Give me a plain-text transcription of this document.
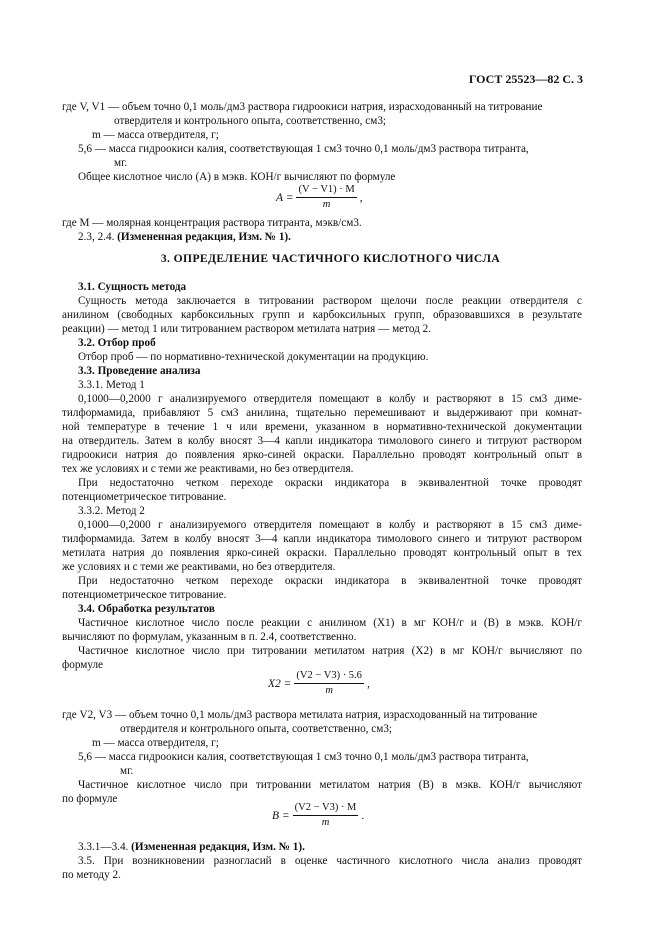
ГОСТ 25523—82 С. 3
где V, V1 — объем точно 0,1 моль/дм3 раствора гидроокиси натрия, израсходованный на титрование
отвердителя и контрольного опыта, соответственно, см3;
m — масса отвердителя, г;
5,6 — масса гидроокиси калия, соответствующая 1 см3 точно 0,1 моль/дм3 раствора титранта,
мг.
Общее кислотное число (А) в мэкв. КОН/г вычисляют по формуле
$A = \frac{(V - V1) \cdot M}{m}$ ,
где М — молярная концентрация раствора титранта, мэкв/см3.
2.3, 2.4. (Измененная редакция, Изм. № 1).
3. ОПРЕДЕЛЕНИЕ ЧАСТИЧНОГО КИСЛОТНОГО ЧИСЛА
3.1. Сущность метода
Сущность метода заключается в титровании раствором щелочи после реакции отвердителя с
анилином (свободных карбоксильных групп и карбоксильных групп, образовавшихся в результате
реакции) — метод 1 или титрованием раствором метилата натрия — метод 2.
3.2. Отбор проб
Отбор проб — по нормативно-технической документации на продукцию.
3.3. Проведение анализа
3.3.1. Метод 1
0,1000—0,2000 г анализируемого отвердителя помещают в колбу и растворяют в 15 см3 диме-
тилформамида, прибавляют 5 см3 анилина, тщательно перемешивают и выдерживают при комнат-
ной температуре в течение 1 ч или времени, указанном в нормативно-технической документации
на отвердитель. Затем в колбу вносят 3—4 капли индикатора тимолового синего и титруют раствором
гидроокиси натрия до появления ярко-синей окраски. Параллельно проводят контрольный опыт в
тех же условиях и с теми же реактивами, но без отвердителя.
При недостаточно четком переходе окраски индикатора в эквивалентной точке проводят
потенциометрическое титрование.
3.3.2. Метод 2
0,1000—0,2000 г анализируемого отвердителя помещают в колбу и растворяют в 15 см3 диме-
тилформамида. Затем в колбу вносят 3—4 капли индикатора тимолового синего и титруют раствором
метилата натрия до появления ярко-синей окраски. Параллельно проводят контрольный опыт в тех
же условиях и с теми же реактивами, но без отвердителя.
При недостаточно четком переходе окраски индикатора в эквивалентной точке проводят
потенциометрическое титрование.
3.4. Обработка результатов
Частичное кислотное число после реакции с анилином (X1) в мг КОН/г и (В) в мэкв. КОН/г
вычисляют по формулам, указанным в п. 2.4, соответственно.
Частичное кислотное число при титровании метилатом натрия (X2) в мг КОН/г вычисляют по
формуле
$X2 = \frac{(V2 - V3) \cdot 5.6}{m}$ ,
где V2, V3 — объем точно 0,1 моль/дм3 раствора метилата натрия, израсходованный на титрование
отвердителя и контрольного опыта, соответственно, см3;
m — масса отвердителя, г;
5,6 — масса гидроокиси калия, соответствующая 1 см3 точно 0,1 моль/дм3 раствора титранта,
мг.
Частичное кислотное число при титровании метилатом натрия (В) в мэкв. КОН/г вычисляют
по формуле
$B = \frac{(V2 - V3) \cdot M}{m}$ .
3.3.1—3.4. (Измененная редакция, Изм. № 1).
3.5. При возникновении разногласий в оценке частичного кислотного числа анализ проводят
по методу 2.
